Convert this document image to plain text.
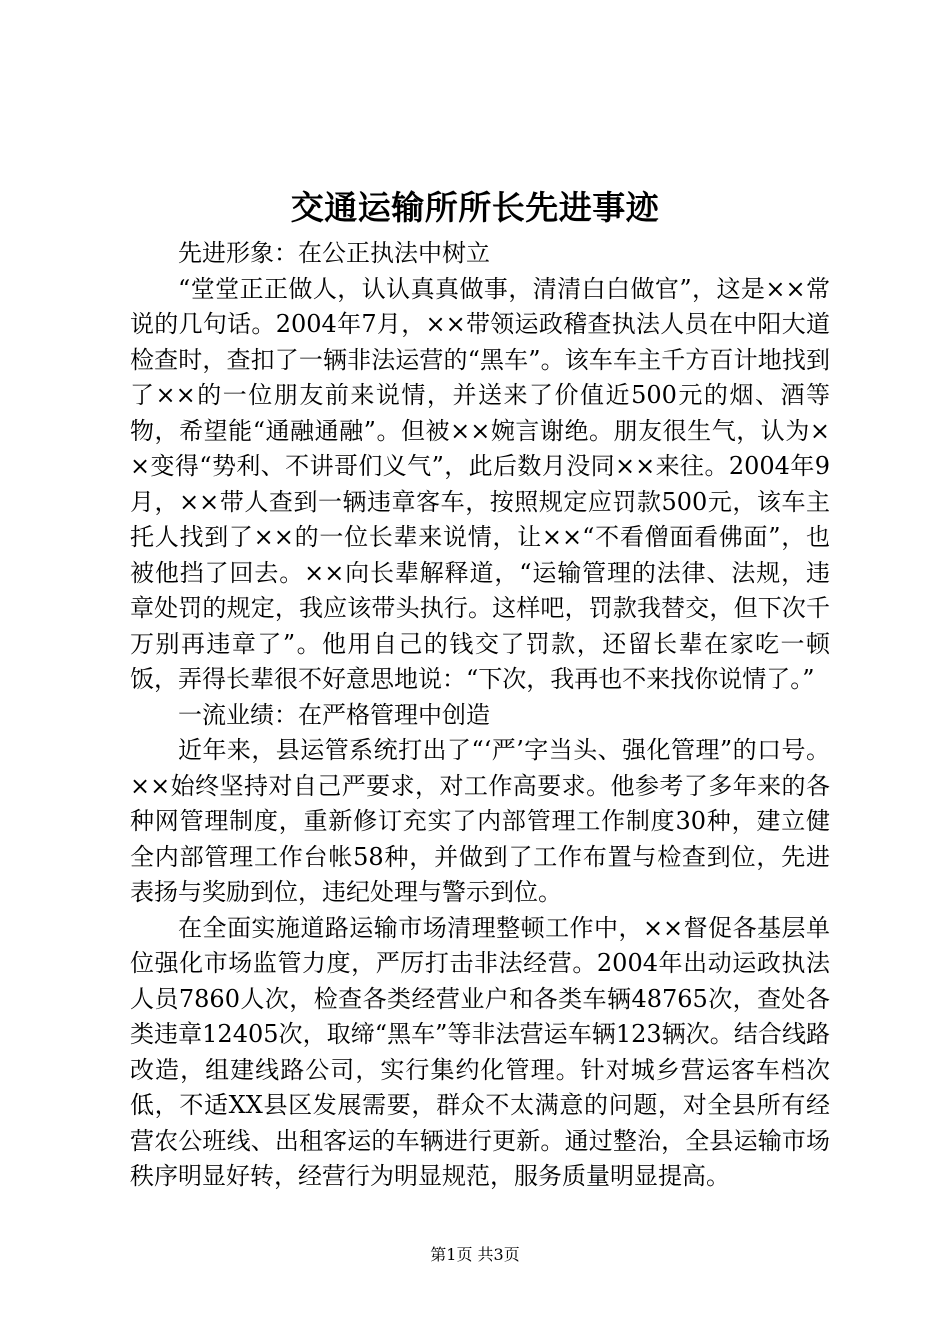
交通运输所所长先进事迹

先进形象：在公正执法中树立

“堂堂正正做人，认认真真做事，清清白白做官”，这是××常说的几句话。2004年7月，××带领运政稽查执法人员在中阳大道检查时，查扣了一辆非法运营的“黑车”。该车车主千方百计地找到了××的一位朋友前来说情，并送来了价值近500元的烟、酒等物，希望能“通融通融”。但被××婉言谢绝。朋友很生气，认为××变得“势利、不讲哥们义气”，此后数月没同××来往。2004年9月，××带人查到一辆违章客车，按照规定应罚款500元，该车主托人找到了××的一位长辈来说情，让××“不看僧面看佛面”，也被他挡了回去。××向长辈解释道，“运输管理的法律、法规，违章处罚的规定，我应该带头执行。这样吧，罚款我替交，但下次千万别再违章了”。他用自己的钱交了罚款，还留长辈在家吃一顿饭，弄得长辈很不好意思地说：“下次，我再也不来找你说情了。”

一流业绩：在严格管理中创造

近年来，县运管系统打出了“‘严’字当头、强化管理”的口号。××始终坚持对自己严要求，对工作高要求。他参考了多年来的各种网管理制度，重新修订充实了内部管理工作制度30种，建立健全内部管理工作台帐58种，并做到了工作布置与检查到位，先进表扬与奖励到位，违纪处理与警示到位。

在全面实施道路运输市场清理整顿工作中，××督促各基层单位强化市场监管力度，严厉打击非法经营。2004年出动运政执法人员7860人次，检查各类经营业户和各类车辆48765次，查处各类违章12405次，取缔“黑车”等非法营运车辆123辆次。结合线路改造，组建线路公司，实行集约化管理。针对城乡营运客车档次低，不适XX县区发展需要，群众不太满意的问题，对全县所有经营农公班线、出租客运的车辆进行更新。通过整治，全县运输市场秩序明显好转，经营行为明显规范，服务质量明显提高。

第1页 共3页
